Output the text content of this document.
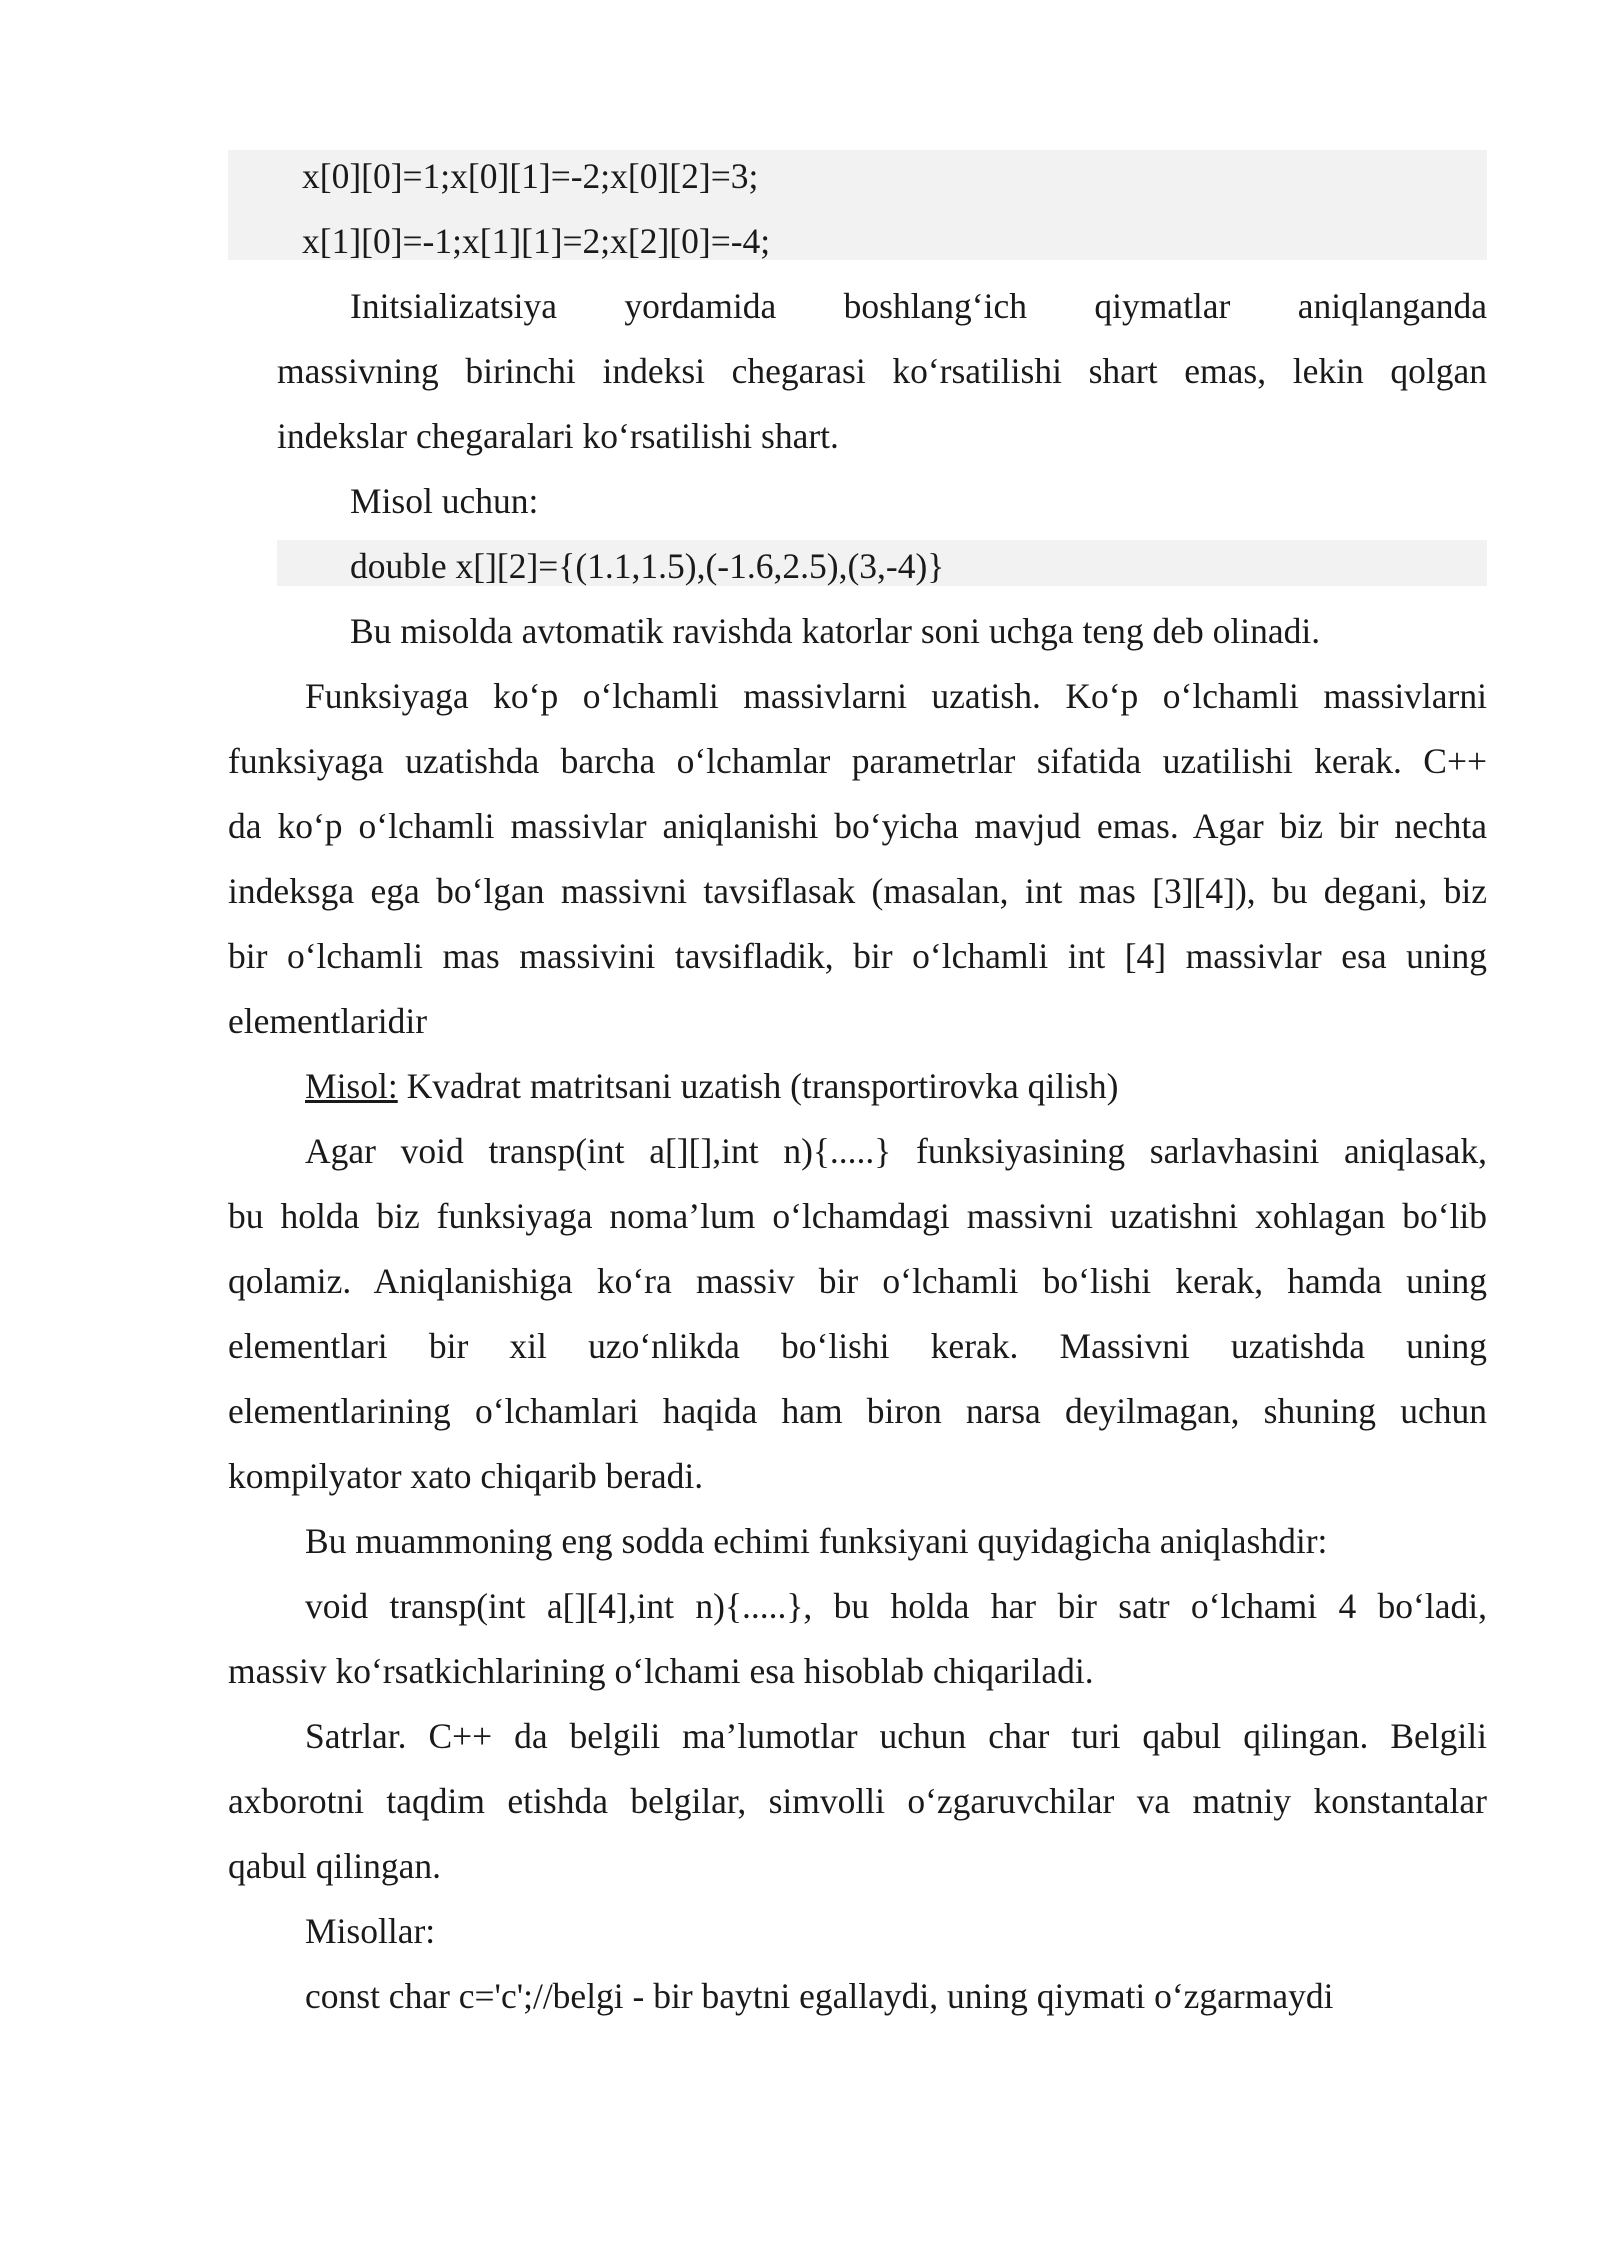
x[0][0]=1;x[0][1]=-2;x[0][2]=3;
x[1][0]=-1;x[1][1]=2;x[2][0]=-4;
Initsializatsiya yordamida boshlang‘ich qiymatlar aniqlanganda
massivning birinchi indeksi chegarasi ko‘rsatilishi shart emas, lekin qolgan
indekslar chegaralari ko‘rsatilishi shart.
Misol uchun:
double x[][2]={(1.1,1.5),(-1.6,2.5),(3,-4)}
Bu misolda avtomatik ravishda katorlar soni uchga teng deb olinadi.
Funksiyaga ko‘p o‘lchamli massivlarni uzatish. Ko‘p o‘lchamli massivlarni
funksiyaga uzatishda barcha o‘lchamlar parametrlar sifatida uzatilishi kerak. C++
da ko‘p o‘lchamli massivlar aniqlanishi bo‘yicha mavjud emas. Agar biz bir nechta
indeksga ega bo‘lgan massivni tavsiflasak (masalan, int mas [3][4]), bu degani, biz
bir o‘lchamli mas massivini tavsifladik, bir o‘lchamli int [4] massivlar esa uning
elementlaridir
Misol: Kvadrat matritsani uzatish (transportirovka qilish)
Agar void transp(int a[][],int n){.....} funksiyasining sarlavhasini aniqlasak,
bu holda biz funksiyaga noma’lum o‘lchamdagi massivni uzatishni xohlagan bo‘lib
qolamiz. Aniqlanishiga ko‘ra massiv bir o‘lchamli bo‘lishi kerak, hamda uning
elementlari bir xil uzo‘nlikda bo‘lishi kerak. Massivni uzatishda uning
elementlarining o‘lchamlari haqida ham biron narsa deyilmagan, shuning uchun
kompilyator xato chiqarib beradi.
Bu muammoning eng sodda echimi funksiyani quyidagicha aniqlashdir:
void transp(int a[][4],int n){.....}, bu holda har bir satr o‘lchami 4 bo‘ladi,
massiv ko‘rsatkichlarining o‘lchami esa hisoblab chiqariladi.
Satrlar. C++ da belgili ma’lumotlar uchun char turi qabul qilingan. Belgili
axborotni taqdim etishda belgilar, simvolli o‘zgaruvchilar va matniy konstantalar
qabul qilingan.
Misollar:
const char c='c';//belgi - bir baytni egallaydi, uning qiymati o‘zgarmaydi
